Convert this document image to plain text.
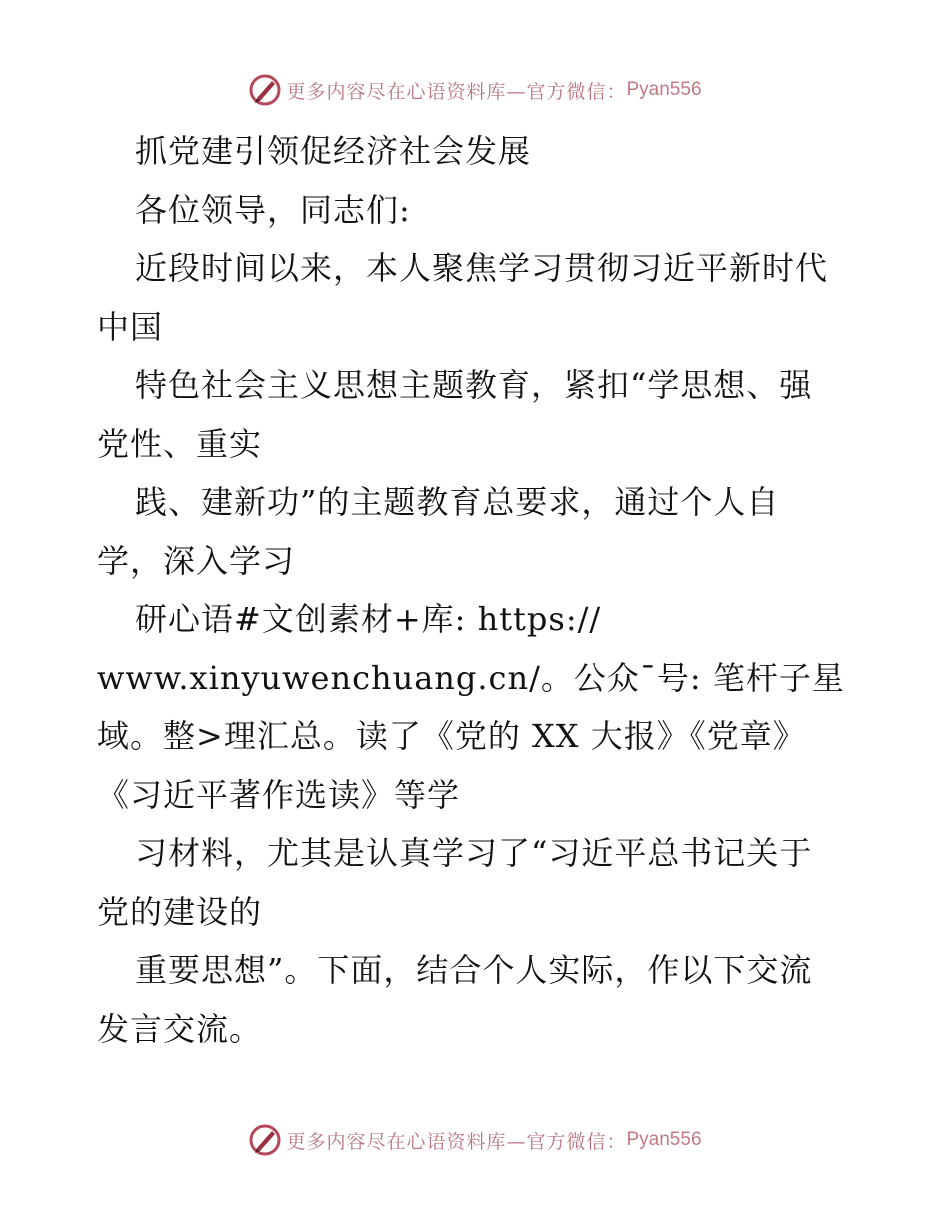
更多内容尽在心语资料库—官方微信： Pyan556
抓党建引领促经济社会发展
各位领导，同志们:
近段时间以来，本人聚焦学习贯彻习近平新时代
中国
特色社会主义思想主题教育，紧扣“学思想、强
党性、重实
践、建新功”的主题教育总要求，通过个人自
学，深入学习
研心语#文创素材+库: https://
www.xinyuwenchuang.cn/。公众¯号: 笔杆子星
域。整>理汇总。读了《党的 XX 大报》《党章》
《习近平著作选读》等学
习材料，尤其是认真学习了“习近平总书记关于
党的建设的
重要思想”。下面，结合个人实际，作以下交流
发言交流。
更多内容尽在心语资料库—官方微信： Pyan556
